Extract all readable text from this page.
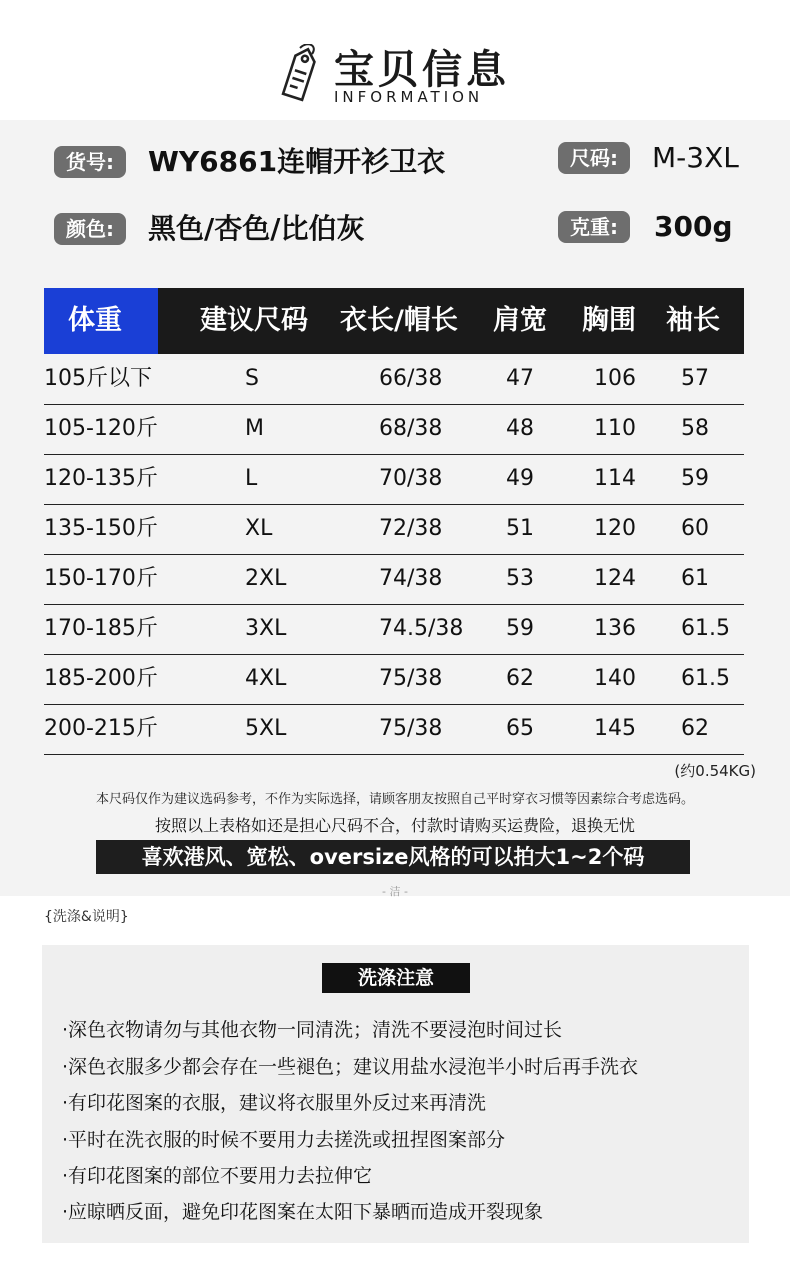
宝贝信息
INFORMATION
货号:	WY6861连帽开衫卫衣	尺码:	M-3XL
颜色:	黑色/杏色/比伯灰	克重:	300g
体重	建议尺码 衣长/帽长 肩宽 胸围 袖长
105斤以下	S	66/38	47	106 57
105-120斤	M	68/38	48	110 58
120-135斤	L	70/38	49	114 59
135-150斤	XL	72/38	51	120 60
150-170斤	2XL	74/38	53	124 61
170-185斤	3XL	74.5/38 59	136 61.5
185-200斤	4XL	75/38	62	140 61.5
200-215斤	5XL	75/38	65	145 62
(约0.54KG)
本尺码仅作为建议选码参考，不作为实际选择，请顾客朋友按照自己平时穿衣习惯等因素综合考虑选码。
按照以上表格如还是担心尺码不合，付款时请购买运费险，退换无忧
喜欢港风、宽松、oversize风格的可以拍大1~2个码
- 洁 -
{洗涤&说明}
洗涤注意
·深色衣物请勿与其他衣物一同清洗；清洗不要浸泡时间过长
·深色衣服多少都会存在一些褪色；建议用盐水浸泡半小时后再手洗衣
·有印花图案的衣服，建议将衣服里外反过来再清洗
·平时在洗衣服的时候不要用力去搓洗或扭捏图案部分
·有印花图案的部位不要用力去拉伸它
·应晾晒反面，避免印花图案在太阳下暴晒而造成开裂现象
